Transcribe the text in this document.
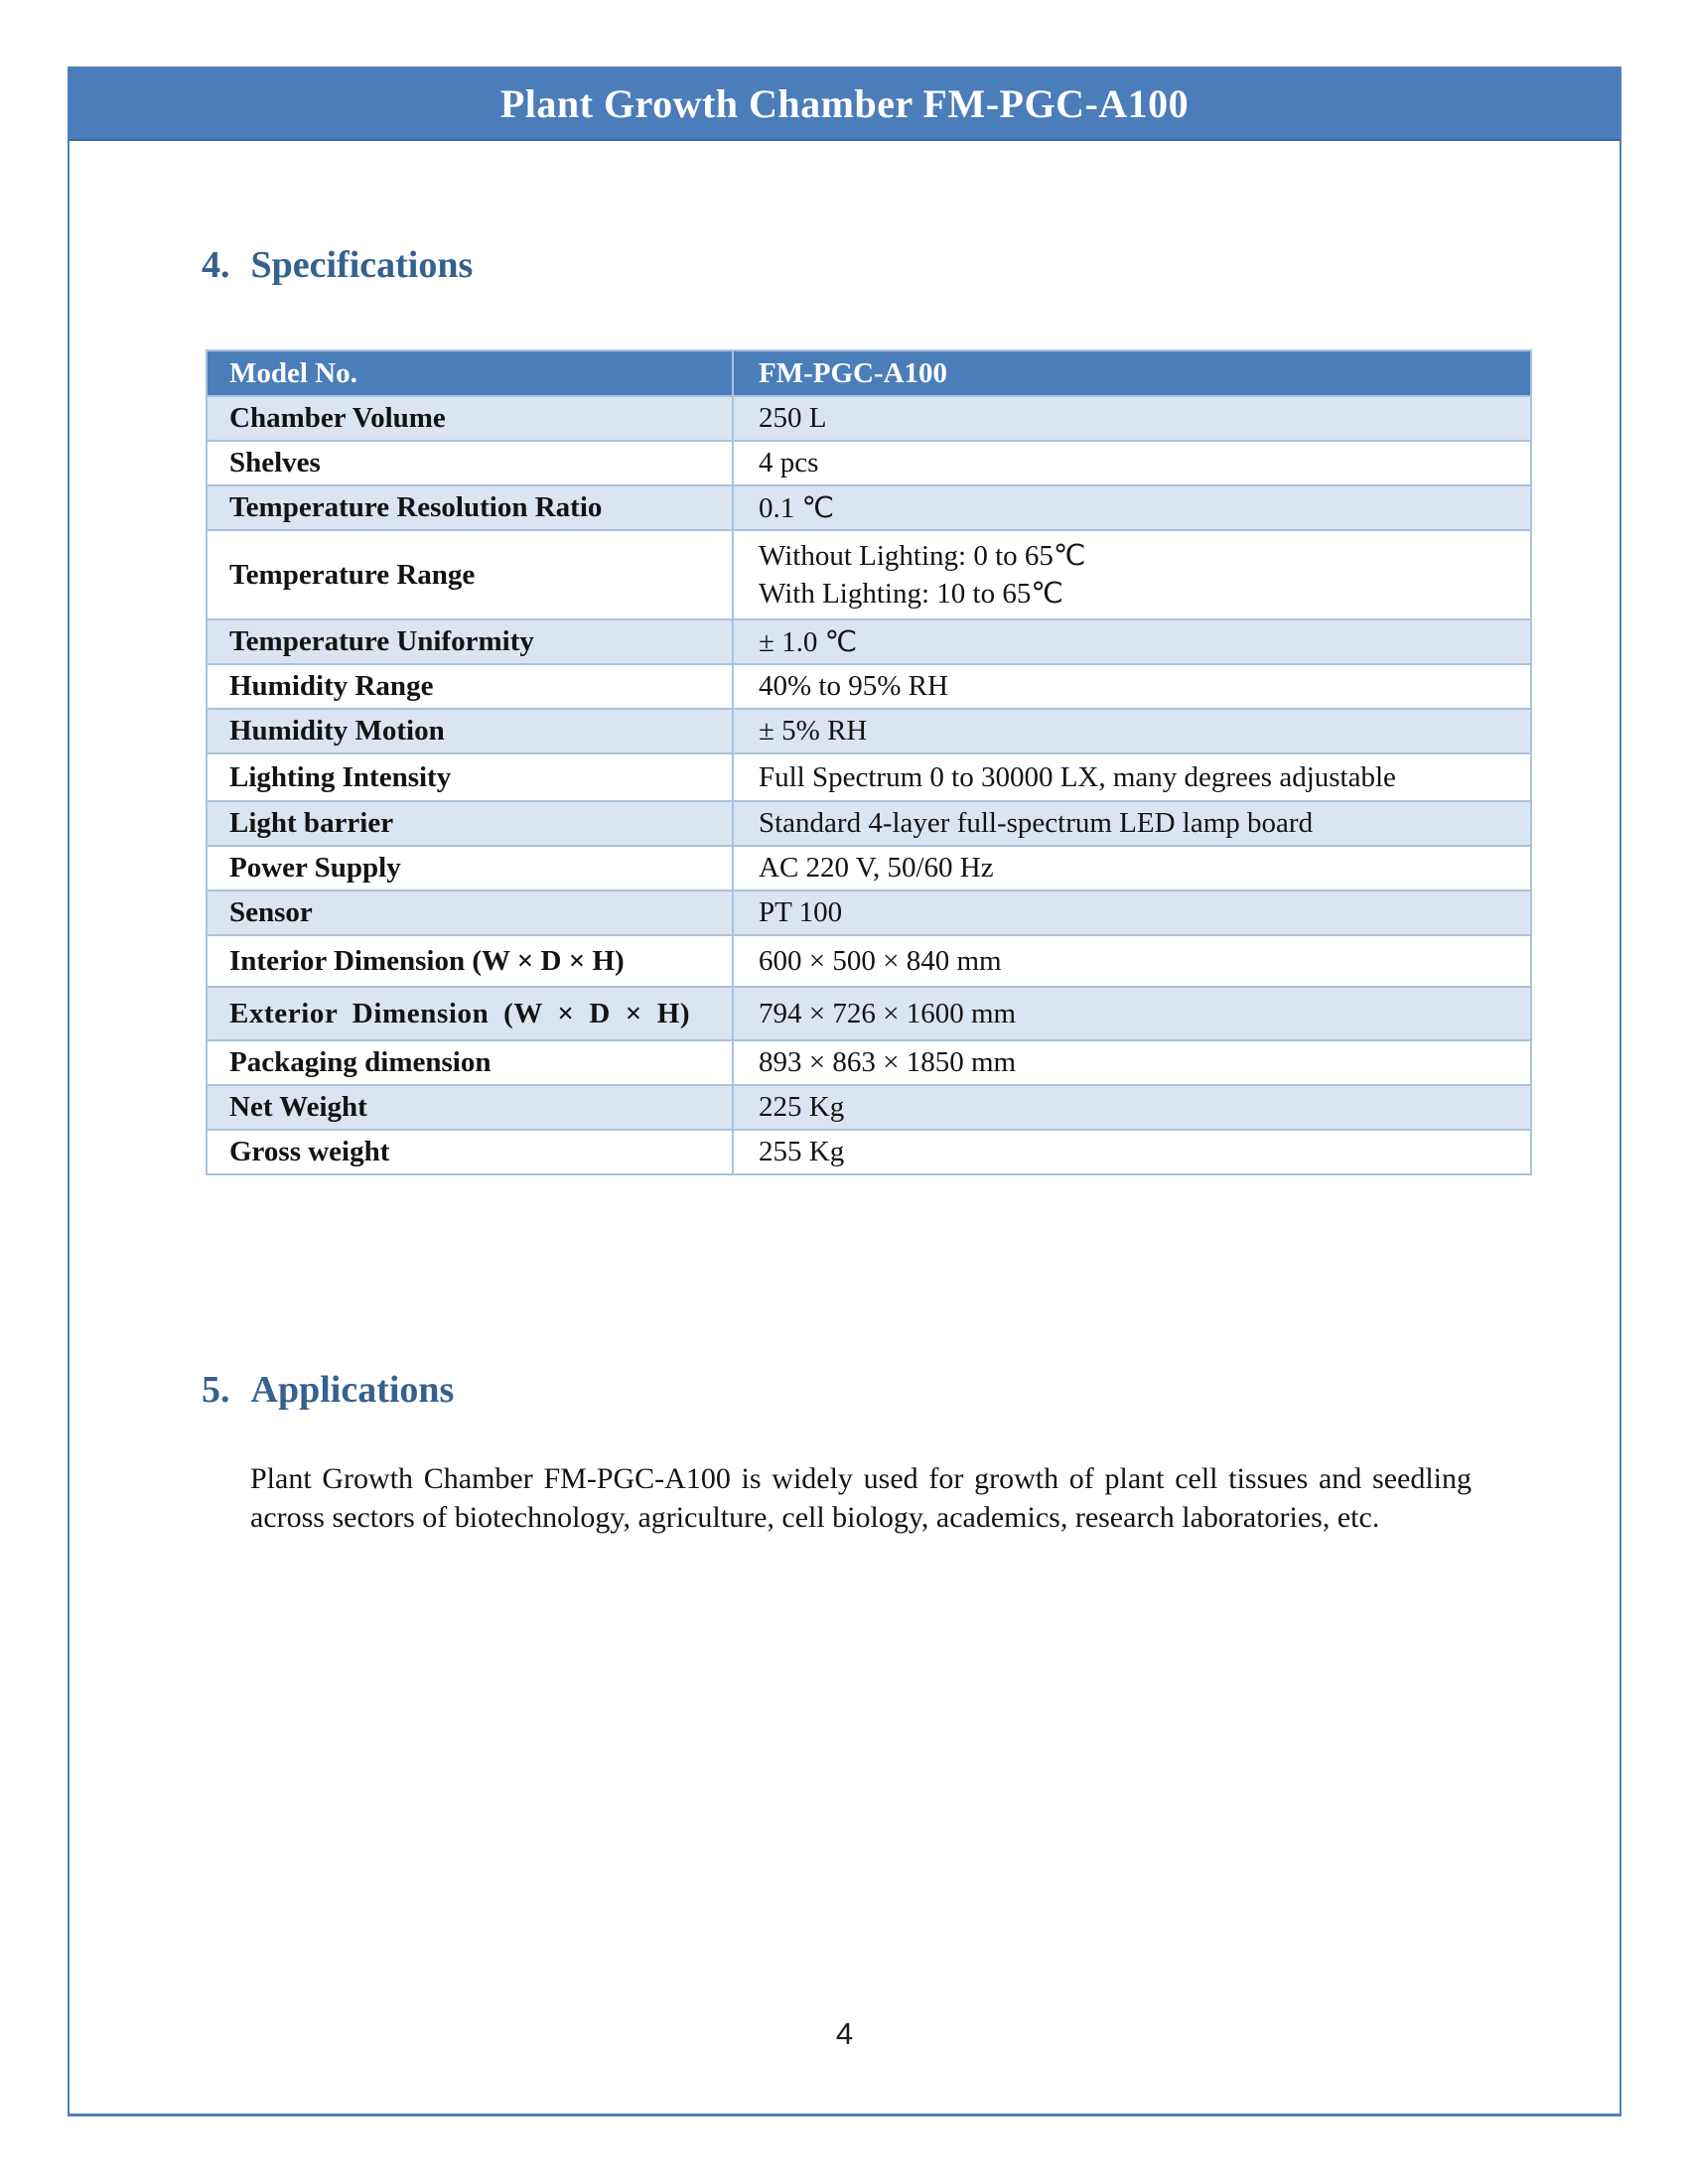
Plant Growth Chamber FM-PGC-A100
4. Specifications
Model No.	FM-PGC-A100
Chamber Volume	250 L
Shelves	4 pcs
Temperature Resolution Ratio	0.1 ℃
Temperature Range	Without Lighting: 0 to 65℃
With Lighting: 10 to 65℃

Temperature Uniformity	± 1.0 ℃
Humidity Range	40% to 95% RH
Humidity Motion	± 5% RH
Lighting Intensity	Full Spectrum 0 to 30000 LX, many degrees adjustable
Light barrier	Standard 4-layer full-spectrum LED lamp board
Power Supply	AC 220 V, 50/60 Hz
Sensor	PT 100
Interior Dimension (W × D × H)	600 × 500 × 840 mm
Exterior Dimension (W × D × H)	794 × 726 × 1600 mm
Packaging dimension	893 × 863 × 1850 mm
Net Weight	225 Kg
Gross weight	255 Kg
5. Applications
Plant Growth Chamber FM-PGC-A100 is widely used for growth of plant cell tissues and seedling across sectors of biotechnology, agriculture, cell biology, academics, research laboratories, etc.
4
